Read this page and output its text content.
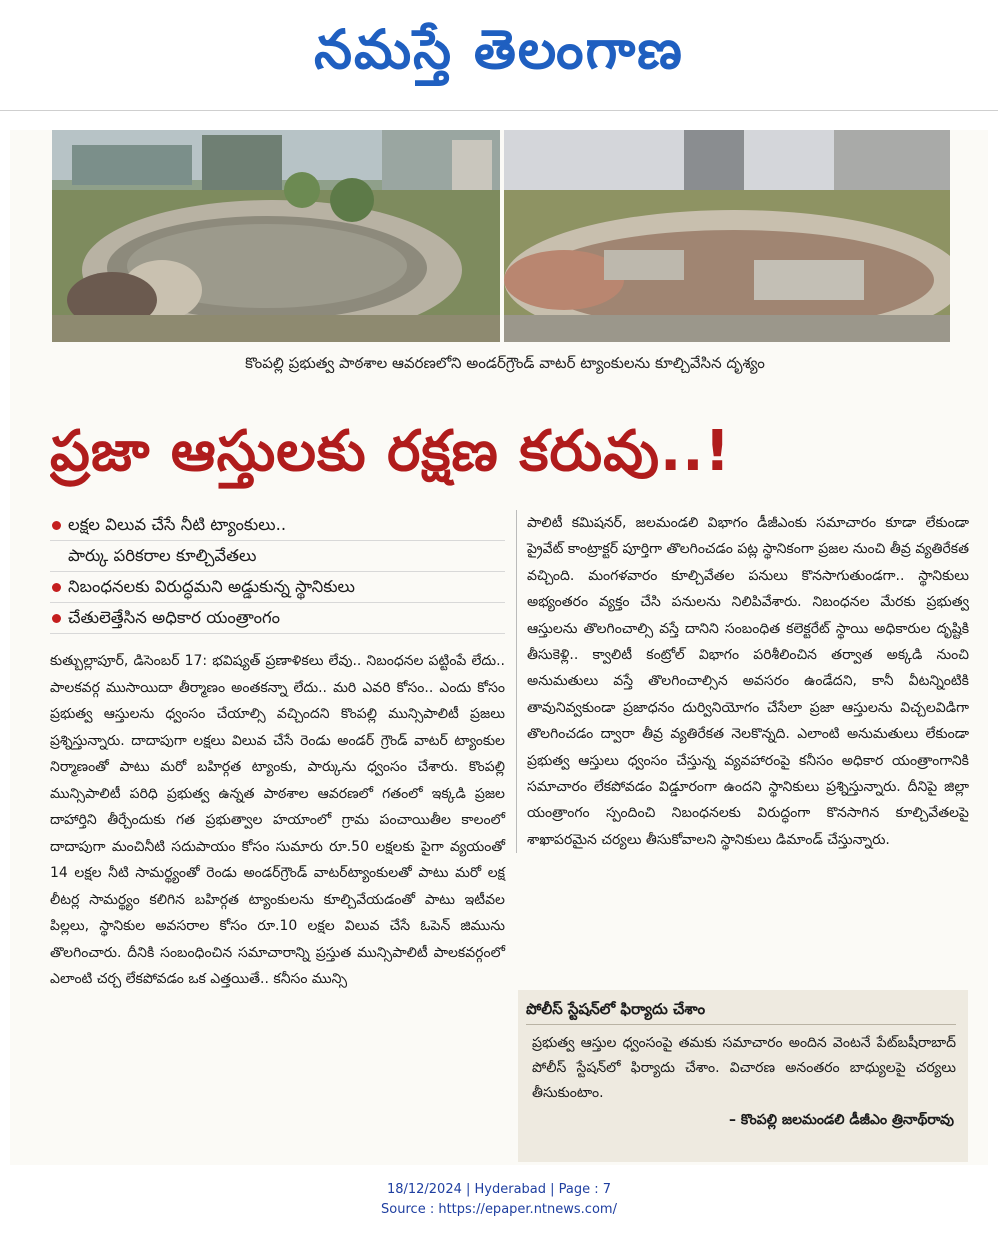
నమస్తే తెలంగాణ
కొంపల్లి ప్రభుత్వ పాఠశాల ఆవరణలోని అండర్‌గ్రౌండ్ వాటర్ ట్యాంకులను కూల్చివేసిన దృశ్యం
ప్రజా ఆస్తులకు రక్షణ కరువు..!
లక్షల విలువ చేసే నీటి ట్యాంకులు..
పార్కు పరికరాల కూల్చివేతలు
నిబంధనలకు విరుద్ధమని అడ్డుకున్న స్థానికులు
చేతులెత్తేసిన అధికార యంత్రాంగం

కుత్బుల్లాపూర్, డిసెంబర్ 17: భవిష్యత్ ప్రణాళికలు లేవు.. నిబంధనల పట్టింపే లేదు.. పాలకవర్గ ముసాయిదా తీర్మాణం అంతకన్నా లేదు.. మరి ఎవరి కోసం.. ఎందు కోసం ప్రభుత్వ ఆస్తులను ధ్వంసం చేయాల్సి వచ్చిందని కొంపల్లి మున్సిపాలిటీ ప్రజలు ప్రశ్నిస్తున్నారు. దాదాపుగా లక్షలు విలువ చేసే రెండు అండర్ గ్రౌండ్ వాటర్ ట్యాంకుల నిర్మాణంతో పాటు మరో బహిర్గత ట్యాంకు, పార్కును ధ్వంసం చేశారు. కొంపల్లి మున్సిపాలిటీ పరిధి ప్రభుత్వ ఉన్నత పాఠశాల ఆవరణలో గతంలో ఇక్కడి ప్రజల దాహార్తిని తీర్చేందుకు గత ప్రభుత్వాల హయాంలో గ్రామ పంచాయితీల కాలంలో దాదాపుగా మంచినీటి సదుపాయం కోసం సుమారు రూ.50 లక్షలకు పైగా వ్యయంతో 14 లక్షల నీటి సామర్థ్యంతో రెండు అండర్‌గ్రౌండ్ వాటర్‌ట్యాంకులతో పాటు మరో లక్ష లీటర్ల సామర్థ్యం కలిగిన బహిర్గత ట్యాంకులను కూల్చివేయడంతో పాటు ఇటీవల పిల్లలు, స్థానికుల అవసరాల కోసం రూ.10 లక్షల విలువ చేసే ఓపెన్ జిమును తొలగించారు. దీనికి సంబంధించిన సమాచారాన్ని ప్రస్తుత మున్సిపాలిటీ పాలకవర్గంలో ఎలాంటి చర్చ లేకపోవడం ఒక ఎత్తయితే.. కనీసం మున్సి

పాలిటీ కమిషనర్, జలమండలి విభాగం డీజీఎంకు సమాచారం కూడా లేకుండా ప్రైవేట్ కాంట్రాక్టర్ పూర్తిగా తొలగించడం పట్ల స్థానికంగా ప్రజల నుంచి తీవ్ర వ్యతిరేకత వచ్చింది. మంగళవారం కూల్చివేతల పనులు కొనసాగుతుండగా.. స్థానికులు అభ్యంతరం వ్యక్తం చేసి పనులను నిలిపివేశారు. నిబంధనల మేరకు ప్రభుత్వ ఆస్తులను తొలగించాల్సి వస్తే దానిని సంబంధిత కలెక్టరేట్ స్థాయి అధికారుల దృష్టికి తీసుకెళ్లి.. క్వాలిటీ కంట్రోల్ విభాగం పరిశీలించిన తర్వాత అక్కడి నుంచి అనుమతులు వస్తే తొలగించాల్సిన అవసరం ఉండేదని, కానీ వీటన్నింటికి తావునివ్వకుండా ప్రజాధనం దుర్వినియోగం చేసేలా ప్రజా ఆస్తులను విచ్చలవిడిగా తొలగించడం ద్వారా తీవ్ర వ్యతిరేకత నెలకొన్నది. ఎలాంటి అనుమతులు లేకుండా ప్రభుత్వ ఆస్తులు ధ్వంసం చేస్తున్న వ్యవహారంపై కనీసం అధికార యంత్రాంగానికి సమాచారం లేకపోవడం విడ్డూరంగా ఉందని స్థానికులు ప్రశ్నిస్తున్నారు. దీనిపై జిల్లా యంత్రాంగం స్పందించి నిబంధనలకు విరుద్ధంగా కొనసాగిన కూల్చివేతలపై శాఖాపరమైన చర్యలు తీసుకోవాలని స్థానికులు డిమాండ్ చేస్తున్నారు.

పోలీస్ స్టేషన్‌లో ఫిర్యాదు చేశాం
ప్రభుత్వ ఆస్తుల ధ్వంసంపై తమకు సమాచారం అందిన వెంటనే పేట్‌బషీరాబాద్ పోలీస్ స్టేషన్‌లో ఫిర్యాదు చేశాం. విచారణ అనంతరం బాధ్యులపై చర్యలు తీసుకుంటాం.
– కొంపల్లి జలమండలి డీజీఎం త్రినాథ్‌రావు
18/12/2024 | Hyderabad | Page : 7
Source : https://epaper.ntnews.com/
